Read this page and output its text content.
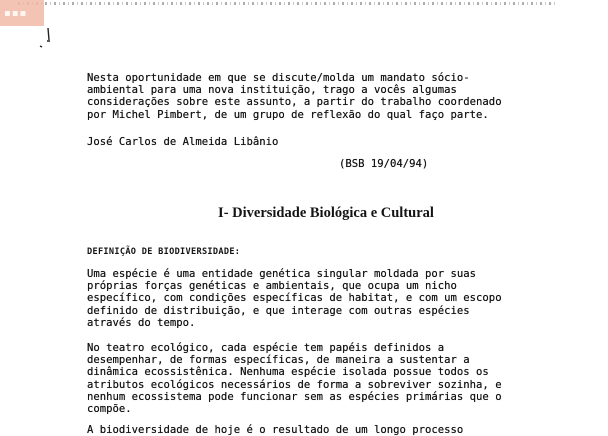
▪▪▪
Nesta oportunidade em que se discute/molda um mandato sócio-
ambiental para uma nova instituição, trago a vocês algumas
considerações sobre este assunto, a partir do trabalho coordenado
por Michel Pimbert, de um grupo de reflexão do qual faço parte.

José Carlos de Almeida Libânio

(BSB 19/04/94)

I- Diversidade Biológica e Cultural

DEFINIÇÃO DE BIODIVERSIDADE:

Uma espécie é uma entidade genética singular moldada por suas
próprias forças genéticas e ambientais, que ocupa um nicho
específico, com condições específicas de habitat, e com um escopo
definido de distribuição, e que interage com outras espécies
através do tempo.
No teatro ecológico, cada espécie tem papéis definidos a
desempenhar, de formas específicas, de maneira a sustentar a
dinâmica ecossistênica. Nenhuma espécie isolada possue todos os
atributos ecológicos necessários de forma a sobreviver sozinha, e
nenhum ecossistema pode funcionar sem as espécies primárias que o
compõe.

A biodiversidade de hoje é o resultado de um longo processo
